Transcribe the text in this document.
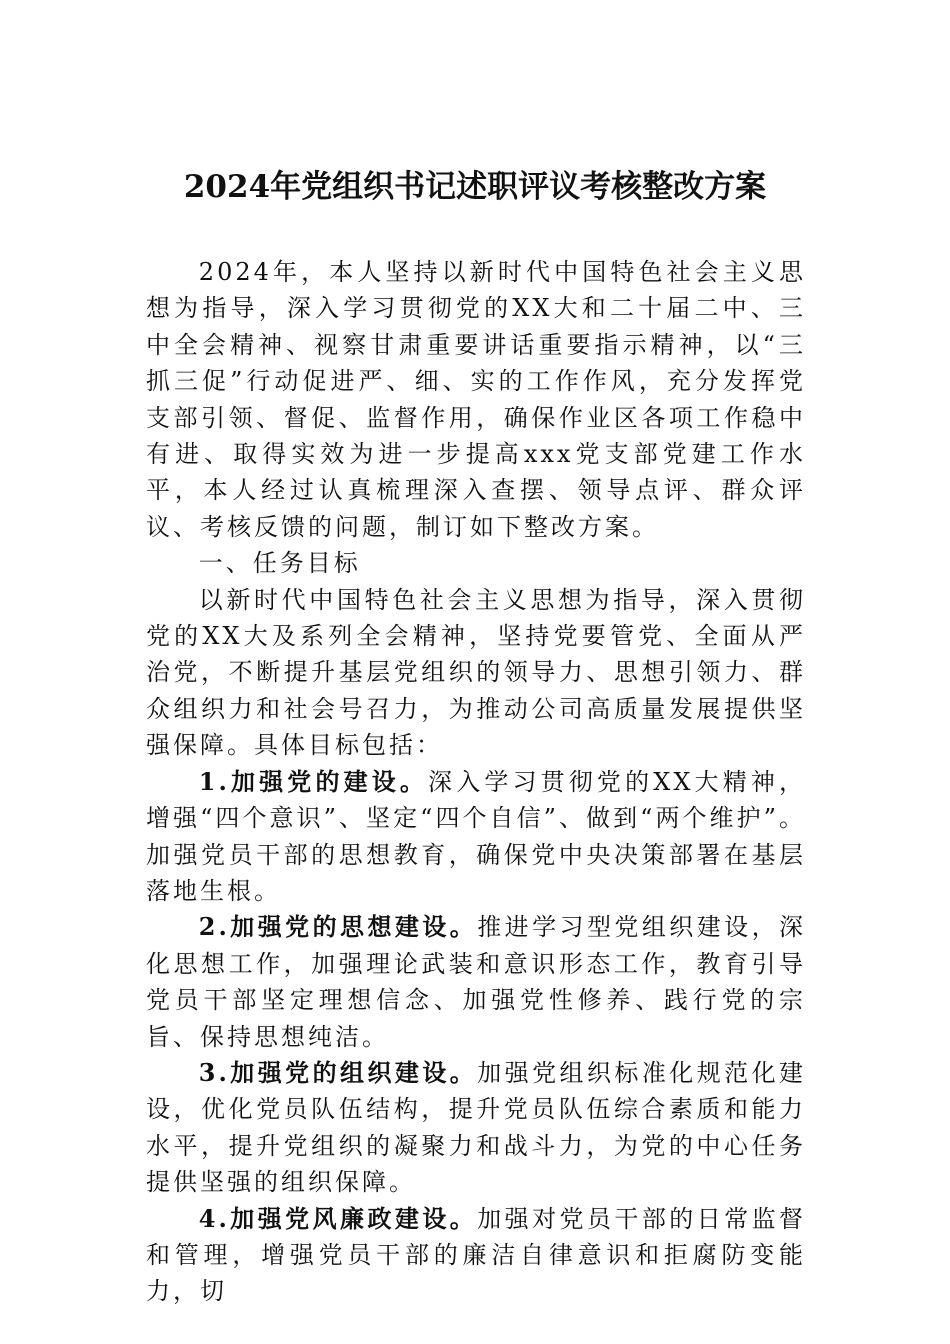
2024年党组织书记述职评议考核整改方案

2024年，本人坚持以新时代中国特色社会主义思想为指导，深入学习贯彻党的XX大和二十届二中、三中全会精神、视察甘肃重要讲话重要指示精神，以“三抓三促”行动促进严、细、实的工作作风，充分发挥党支部引领、督促、监督作用，确保作业区各项工作稳中有进、取得实效为进一步提高xxx党支部党建工作水平，本人经过认真梳理深入查摆、领导点评、群众评议、考核反馈的问题，制订如下整改方案。

一、任务目标

以新时代中国特色社会主义思想为指导，深入贯彻党的XX大及系列全会精神，坚持党要管党、全面从严治党，不断提升基层党组织的领导力、思想引领力、群众组织力和社会号召力，为推动公司高质量发展提供坚强保障。具体目标包括：

1.加强党的建设。深入学习贯彻党的XX大精神，增强“四个意识”、坚定“四个自信”、做到“两个维护”。加强党员干部的思想教育，确保党中央决策部署在基层落地生根。

2.加强党的思想建设。推进学习型党组织建设，深化思想工作，加强理论武装和意识形态工作，教育引导党员干部坚定理想信念、加强党性修养、践行党的宗旨、保持思想纯洁。

3.加强党的组织建设。加强党组织标准化规范化建设，优化党员队伍结构，提升党员队伍综合素质和能力水平，提升党组织的凝聚力和战斗力，为党的中心任务提供坚强的组织保障。

4.加强党风廉政建设。加强对党员干部的日常监督和管理，增强党员干部的廉洁自律意识和拒腐防变能力，切
